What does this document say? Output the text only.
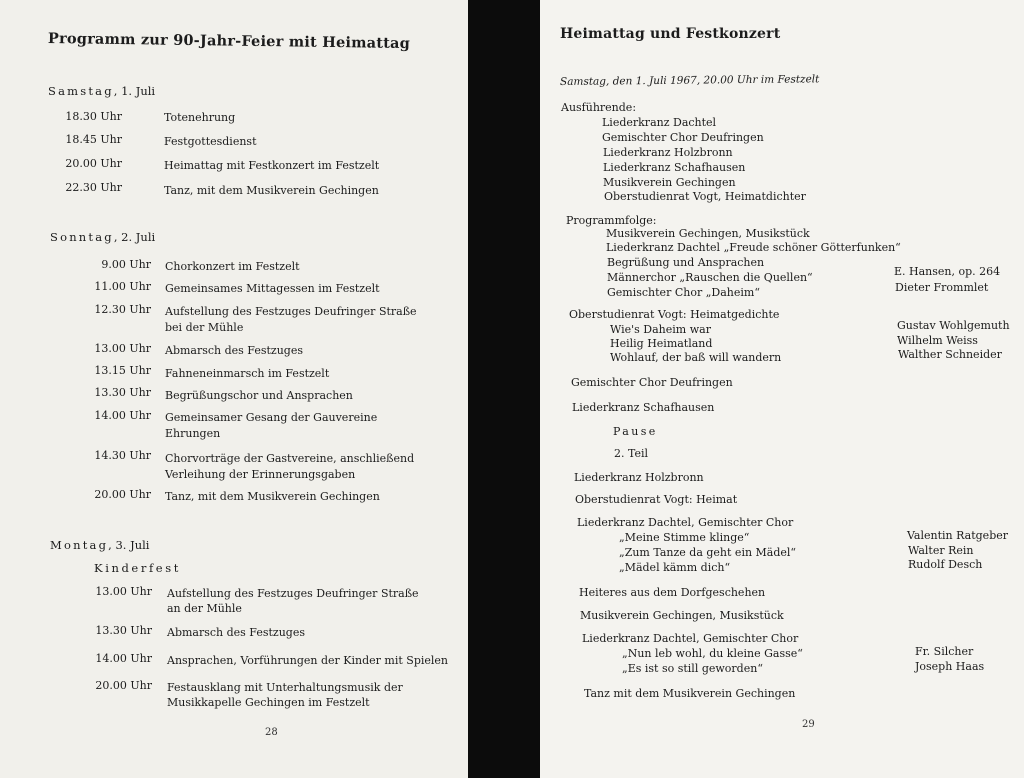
Programm zur 90-Jahr-Feier mit Heimattag
Samstag, 1. Juli
18.30 Uhr	Totenehrung
18.45 Uhr	Festgottesdienst
20.00 Uhr	Heimattag mit Festkonzert im Festzelt
22.30 Uhr	Tanz, mit dem Musikverein Gechingen
Sonntag, 2. Juli
9.00 Uhr Chorkonzert im Festzelt
11.00 Uhr Gemeinsames Mittagessen im Festzelt
12.30 Uhr Aufstellung des Festzuges Deufringer Straße
bei der Mühle
13.00 Uhr Abmarsch des Festzuges
13.15 Uhr Fahneneinmarsch im Festzelt
13.30 Uhr Begrüßungschor und Ansprachen
14.00 Uhr Gemeinsamer Gesang der Gauvereine
Ehrungen
14.30 Uhr Chorvorträge der Gastvereine, anschließend
Verleihung der Erinnerungsgaben
20.00 Uhr Tanz, mit dem Musikverein Gechingen
Montag, 3. Juli
Kinderfest
13.00 Uhr Aufstellung des Festzuges Deufringer Straße
an der Mühle
13.30 Uhr Abmarsch des Festzuges
14.00 Uhr Ansprachen, Vorführungen der Kinder mit Spielen
20.00 Uhr Festausklang mit Unterhaltungsmusik der
Musikkapelle Gechingen im Festzelt
28
Heimattag und Festkonzert
Samstag, den 1. Juli 1967, 20.00 Uhr im Festzelt
Ausführende:
Liederkranz Dachtel
Gemischter Chor Deufringen
Liederkranz Holzbronn
Liederkranz Schafhausen
Musikverein Gechingen
Oberstudienrat Vogt, Heimatdichter
Programmfolge:
Musikverein Gechingen, Musikstück
Liederkranz Dachtel „Freude schöner Götterfunken“
Begrüßung und Ansprachen
Männerchor „Rauschen die Quellen“	E. Hansen, op. 264
Gemischter Chor „Daheim“	Dieter Frommlet
Oberstudienrat Vogt: Heimatgedichte
Wie's Daheim war	Gustav Wohlgemuth
Heilig Heimatland	Wilhelm Weiss
Wohlauf, der baß will wandern	Walther Schneider
Gemischter Chor Deufringen
Liederkranz Schafhausen
Pause
2. Teil
Liederkranz Holzbronn
Oberstudienrat Vogt: Heimat
Liederkranz Dachtel, Gemischter Chor
„Meine Stimme klinge“	Valentin Ratgeber
„Zum Tanze da geht ein Mädel“	Walter Rein
„Mädel kämm dich“	Rudolf Desch
Heiteres aus dem Dorfgeschehen
Musikverein Gechingen, Musikstück
Liederkranz Dachtel, Gemischter Chor
„Nun leb wohl, du kleine Gasse“	Fr. Silcher
„Es ist so still geworden“	Joseph Haas
Tanz mit dem Musikverein Gechingen
29
